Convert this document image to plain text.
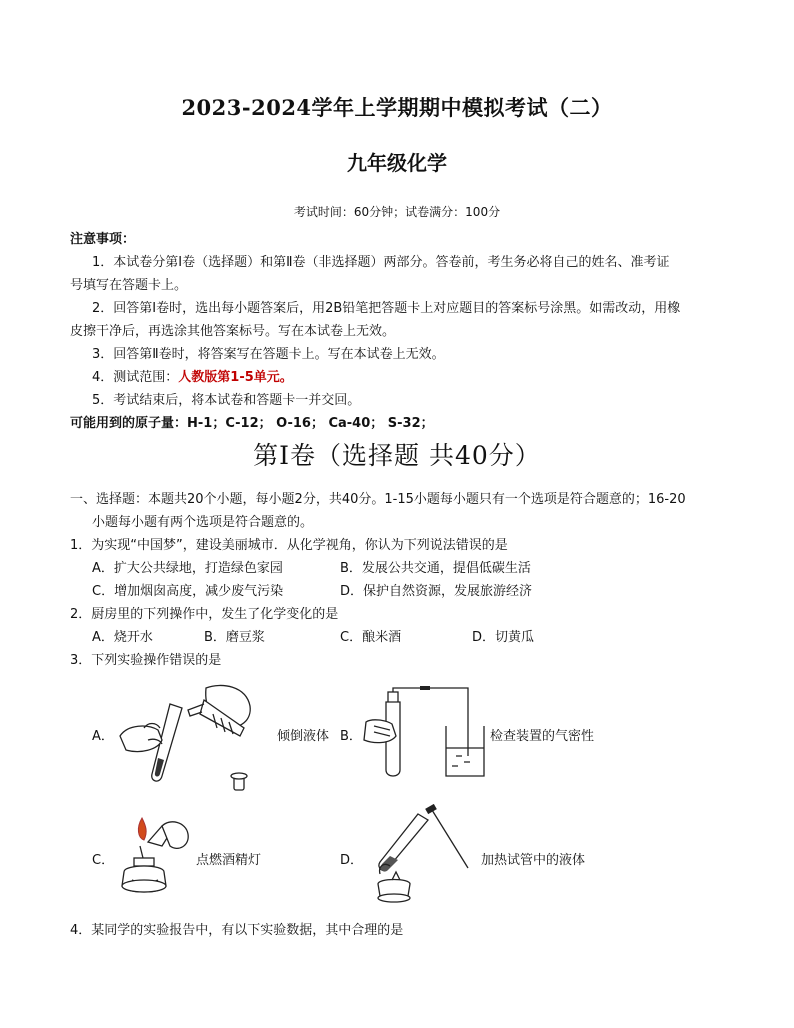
2023-2024学年上学期期中模拟考试（二）
九年级化学
考试时间：60分钟；试卷满分：100分
注意事项：
1．本试卷分第Ⅰ卷（选择题）和第Ⅱ卷（非选择题）两部分。答卷前，考生务必将自己的姓名、准考证
号填写在答题卡上。
2．回答第Ⅰ卷时，选出每小题答案后，用2B铅笔把答题卡上对应题目的答案标号涂黑。如需改动，用橡
皮擦干净后，再选涂其他答案标号。写在本试卷上无效。
3．回答第Ⅱ卷时，将答案写在答题卡上。写在本试卷上无效。
4．测试范围：人教版第1-5单元。
5．考试结束后，将本试卷和答题卡一并交回。
可能用到的原子量：H-1；C-12； O-16； Ca-40； S-32；
第Ⅰ卷（选择题 共40分）
一、选择题：本题共20个小题，每小题2分，共40分。1-15小题每小题只有一个选项是符合题意的；16-20
小题每小题有两个选项是符合题意的。
1．为实现“中国梦”，建设美丽城市．从化学视角，你认为下列说法错误的是
A．扩大公共绿地，打造绿色家园	B．发展公共交通，提倡低碳生活
C．增加烟囱高度，减少废气污染	D．保护自然资源，发展旅游经济
2．厨房里的下列操作中，发生了化学变化的是
A．烧开水	B．磨豆浆	C．酿米酒	D．切黄瓜
3．下列实验操作错误的是
A．	倾倒液体 B．	检查装置的气密性
C．	点燃酒精灯	D．	加热试管中的液体
4．某同学的实验报告中，有以下实验数据，其中合理的是
